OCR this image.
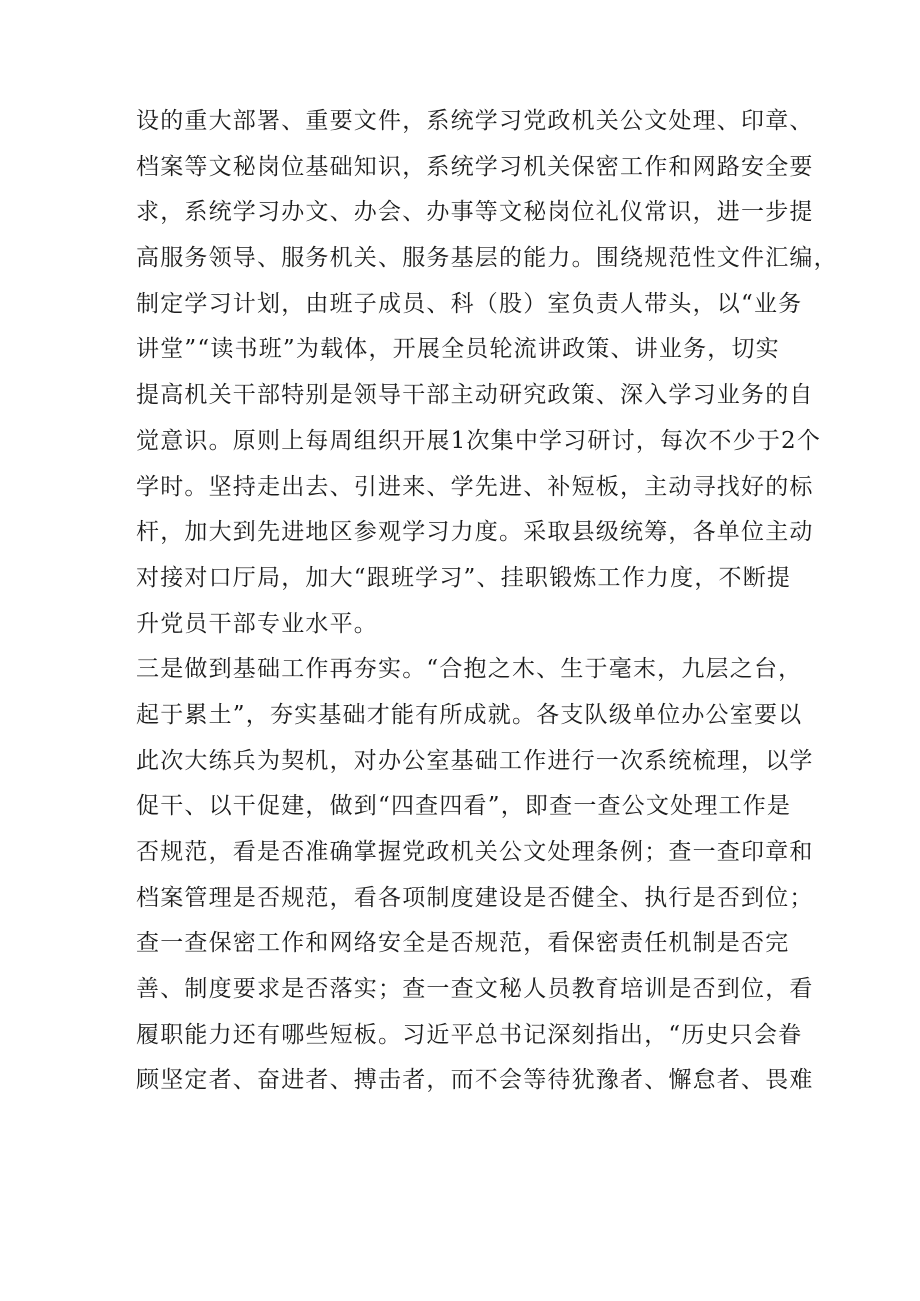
设的重大部署、重要文件，系统学习党政机关公文处理、印章、
档案等文秘岗位基础知识，系统学习机关保密工作和网路安全要
求，系统学习办文、办会、办事等文秘岗位礼仪常识，进一步提
高服务领导、服务机关、服务基层的能力。围绕规范性文件汇编，
制定学习计划，由班子成员、科（股）室负责人带头，以“业务
讲堂”“读书班”为载体，开展全员轮流讲政策、讲业务，切实
提高机关干部特别是领导干部主动研究政策、深入学习业务的自
觉意识。原则上每周组织开展1次集中学习研讨，每次不少于2个
学时。坚持走出去、引进来、学先进、补短板，主动寻找好的标
杆，加大到先进地区参观学习力度。采取县级统筹，各单位主动
对接对口厅局，加大“跟班学习”、挂职锻炼工作力度，不断提
升党员干部专业水平。
三是做到基础工作再夯实。“合抱之木、生于毫末，九层之台，
起于累土”，夯实基础才能有所成就。各支队级单位办公室要以
此次大练兵为契机，对办公室基础工作进行一次系统梳理，以学
促干、以干促建，做到“四查四看”，即查一查公文处理工作是
否规范，看是否准确掌握党政机关公文处理条例；查一查印章和
档案管理是否规范，看各项制度建设是否健全、执行是否到位；
查一查保密工作和网络安全是否规范，看保密责任机制是否完
善、制度要求是否落实；查一查文秘人员教育培训是否到位，看
履职能力还有哪些短板。习近平总书记深刻指出，“历史只会眷
顾坚定者、奋进者、搏击者，而不会等待犹豫者、懈怠者、畏难
